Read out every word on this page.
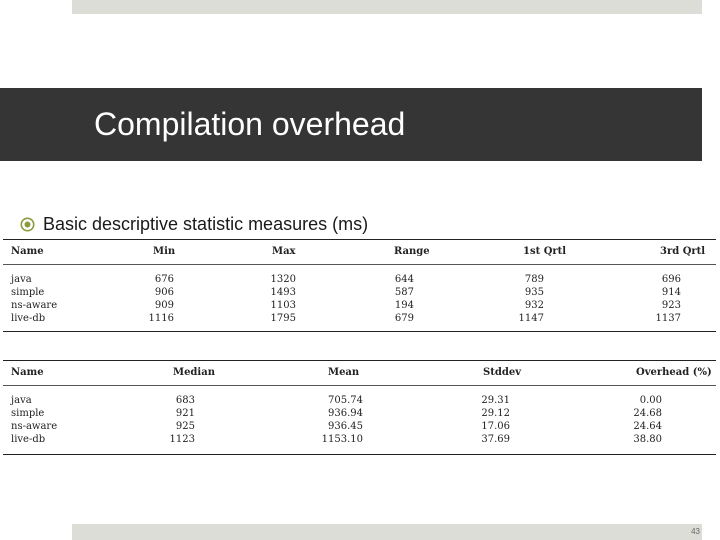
Compilation overhead
Basic descriptive statistic measures (ms)
Name	Min	Max	Range	1st Qrtl	3rd Qrtl
java	676	1320	644	789	696
simple	906	1493	587	935	914
ns-aware	909	1103	194	932	923
live-db	1116	1795	679	1147	1137
Name	Median	Mean	Stddev	Overhead (%)
java	683	705.74	29.31	0.00
simple	921	936.94	29.12	24.68
ns-aware	925	936.45	17.06	24.64
live-db	1123	1153.10	37.69	38.80
43
